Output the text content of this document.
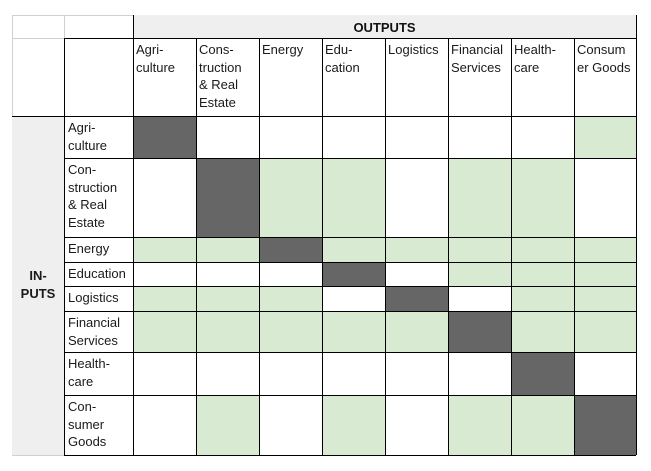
OUTPUTS
IN-
PUTS
Agri-
culture
Cons-
truction
& Real
Estate
Energy Edu-
cation
Logistics Financial
Services
Health-
care
Consum
er Goods
Agri-
culture
Con-
struction
& Real
Estate
Energy
Education
Logistics
Financial
Services
Health-
care
Con-
sumer
Goods
